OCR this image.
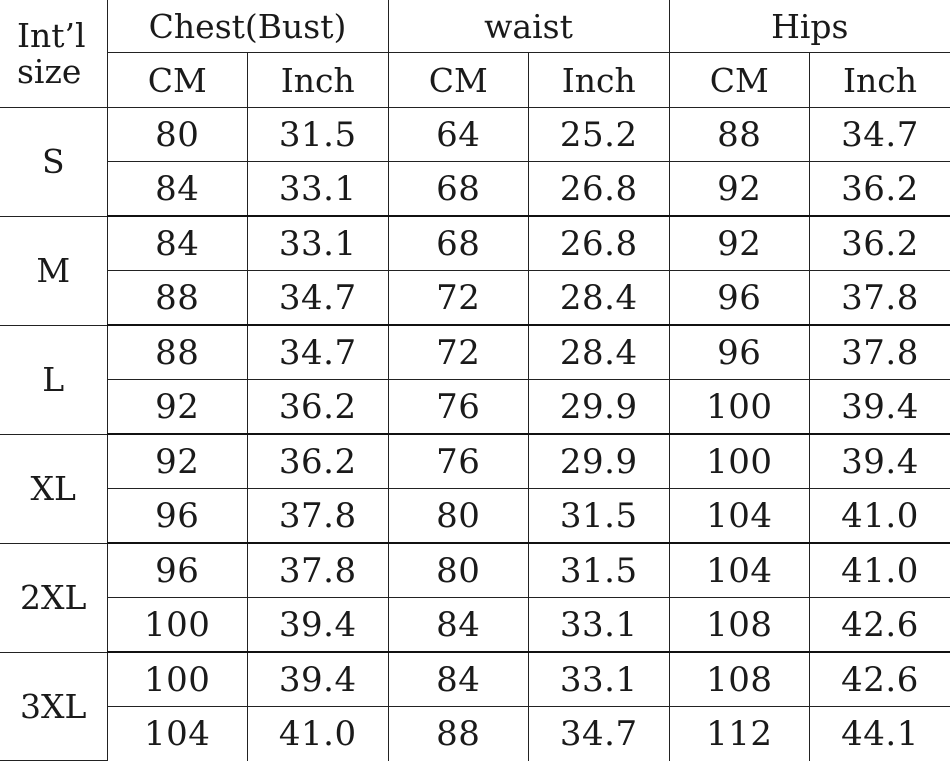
Int’l
size	Chest(Bust)		waist		Hips	
	CM	Inch	CM	Inch	CM	Inch
S	80	31.5	64	25.2	88	34.7
	84	33.1	68	26.8	92	36.2
M	84	33.1	68	26.8	92	36.2
	88	34.7	72	28.4	96	37.8
L	88	34.7	72	28.4	96	37.8
	92	36.2	76	29.9	100	39.4
XL	92	36.2	76	29.9	100	39.4
	96	37.8	80	31.5	104	41.0
2XL	96	37.8	80	31.5	104	41.0
	100	39.4	84	33.1	108	42.6
3XL	100	39.4	84	33.1	108	42.6
	104	41.0	88	34.7	112	44.1
